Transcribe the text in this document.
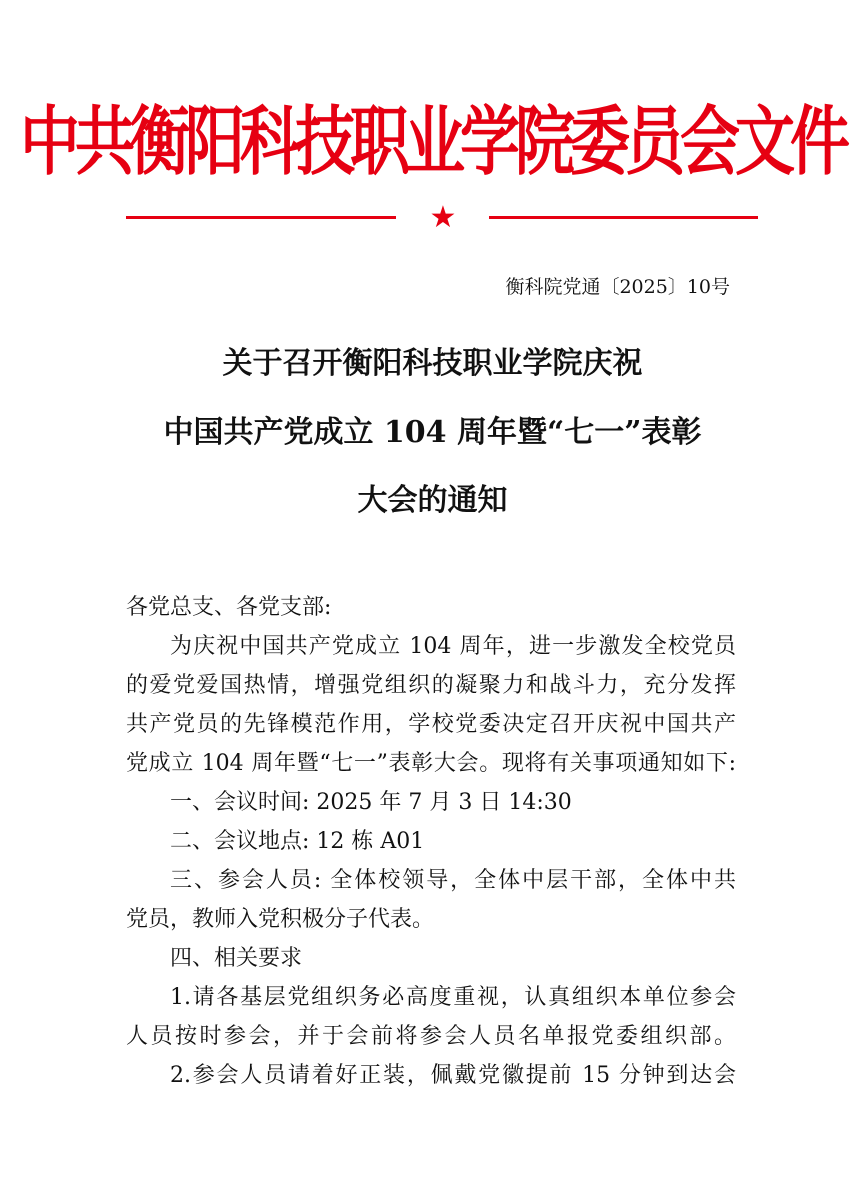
中共衡阳科技职业学院委员会文件
★
衡科院党通〔2025〕10号
关于召开衡阳科技职业学院庆祝
中国共产党成立 104 周年暨“七一”表彰
大会的通知

各党总支、各党支部:

为庆祝中国共产党成立 104 周年，进一步激发全校党员

的爱党爱国热情，增强党组织的凝聚力和战斗力，充分发挥

共产党员的先锋模范作用，学校党委决定召开庆祝中国共产

党成立 104 周年暨“七一”表彰大会。现将有关事项通知如下:

一、会议时间: 2025 年 7 月 3 日 14:30

二、会议地点: 12 栋 A01

三、参会人员: 全体校领导，全体中层干部，全体中共

党员，教师入党积极分子代表。

四、相关要求

1.请各基层党组织务必高度重视，认真组织本单位参会

人员按时参会，并于会前将参会人员名单报党委组织部。

2.参会人员请着好正装，佩戴党徽提前 15 分钟到达会
